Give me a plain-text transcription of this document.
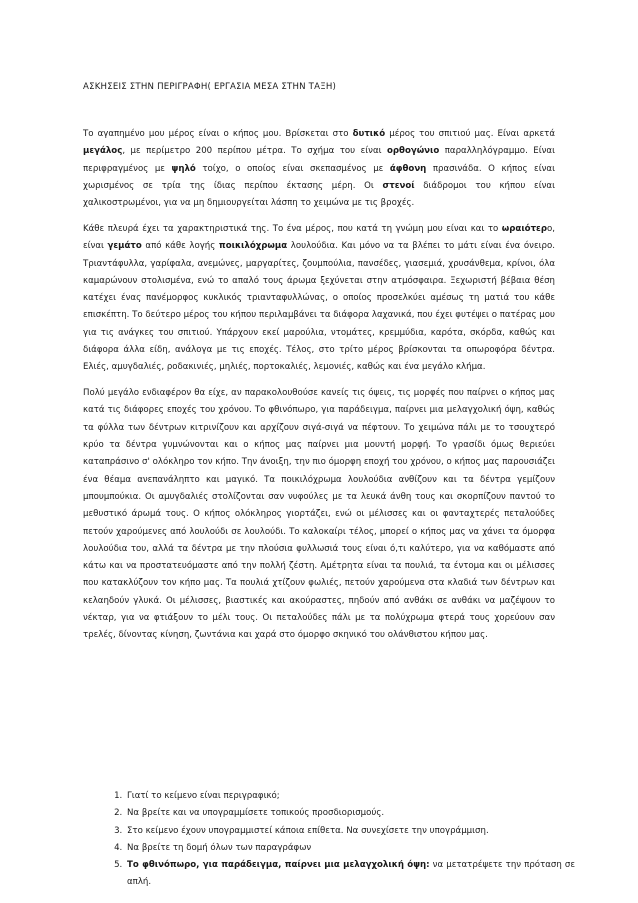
ΑΣΚΗΣΕΙΣ ΣΤΗΝ ΠΕΡΙΓΡΑΦΗ( ΕΡΓΑΣΙΑ ΜΕΣΑ ΣΤΗΝ ΤΑΞΗ)

Το αγαπημένο μου μέρος είναι ο κήπος μου. Βρίσκεται στο δυτικό μέρος του σπιτιού μας. Είναι αρκετά μεγάλος, με περίμετρο 200 περίπου μέτρα. Το σχήμα του είναι ορθογώνιο παραλληλόγραμμο. Είναι περιφραγμένος με ψηλό τοίχο, ο οποίος είναι σκεπασμένος με άφθονη πρασινάδα. Ο κήπος είναι χωρισμένος σε τρία της ίδιας περίπου έκτασης μέρη. Οι στενοί διάδρομοι του κήπου είναι χαλικοστρωμένοι, για να μη δημιουργείται λάσπη το χειμώνα με τις βροχές.

Κάθε πλευρά έχει τα χαρακτηριστικά της. Το ένα μέρος, που κατά τη γνώμη μου είναι και το ωραιότερο, είναι γεμάτο από κάθε λογής ποικιλόχρωμα λουλούδια. Και μόνο να τα βλέπει το μάτι είναι ένα όνειρο. Τριαντάφυλλα, γαρίφαλα, ανεμώνες, μαργαρίτες, ζουμπούλια, πανσέδες, γιασεμιά, χρυσάνθεμα, κρίνοι, όλα καμαρώνουν στολισμένα, ενώ το απαλό τους άρωμα ξεχύνεται στην ατμόσφαιρα. Ξεχωριστή βέβαια θέση κατέχει ένας πανέμορφος κυκλικός τριανταφυλλώνας, ο οποίος προσελκύει αμέσως τη ματιά του κάθε επισκέπτη. Το δεύτερο μέρος του κήπου περιλαμβάνει τα διάφορα λαχανικά, που έχει φυτέψει ο πατέρας μου για τις ανάγκες του σπιτιού. Υπάρχουν εκεί μαρούλια, ντομάτες, κρεμμύδια, καρότα, σκόρδα, καθώς και διάφορα άλλα είδη, ανάλογα με τις εποχές. Τέλος, στο τρίτο μέρος βρίσκονται τα οπωροφόρα δέντρα. Ελιές, αμυγδαλιές, ροδακινιές, μηλιές, πορτοκαλιές, λεμονιές, καθώς και ένα μεγάλο κλήμα.

Πολύ μεγάλο ενδιαφέρον θα είχε, αν παρακολουθούσε κανείς τις όψεις, τις μορφές που παίρνει ο κήπος μας κατά τις διάφορες εποχές του χρόνου. Το φθινόπωρο, για παράδειγμα, παίρνει μια μελαγχολική όψη, καθώς τα φύλλα των δέντρων κιτρινίζουν και αρχίζουν σιγά-σιγά να πέφτουν. Το χειμώνα πάλι με το τσουχτερό κρύο τα δέντρα γυμνώνονται και ο κήπος μας παίρνει μια μουντή μορφή. Το γρασίδι όμως θεριεύει καταπράσινο σ' ολόκληρο τον κήπο. Την άνοιξη, την πιο όμορφη εποχή του χρόνου, ο κήπος μας παρουσιάζει ένα θέαμα ανεπανάληπτο και μαγικό. Τα ποικιλόχρωμα λουλούδια ανθίζουν και τα δέντρα γεμίζουν μπουμπούκια. Οι αμυγδαλιές στολίζονται σαν νυφούλες με τα λευκά άνθη τους και σκορπίζουν παντού το μεθυστικό άρωμά τους. Ο κήπος ολόκληρος γιορτάζει, ενώ οι μέλισσες και οι φανταχτερές πεταλούδες πετούν χαρούμενες από λουλούδι σε λουλούδι. Το καλοκαίρι τέλος, μπορεί ο κήπος μας να χάνει τα όμορφα λουλούδια του, αλλά τα δέντρα με την πλούσια φυλλωσιά τους είναι ό,τι καλύτερο, για να καθόμαστε από κάτω και να προστατευόμαστε από την πολλή ζέστη. Αμέτρητα είναι τα πουλιά, τα έντομα και οι μέλισσες που κατακλύζουν τον κήπο μας. Τα πουλιά χτίζουν φωλιές, πετούν χαρούμενα στα κλαδιά των δέντρων και κελαηδούν γλυκά. Οι μέλισσες, βιαστικές και ακούραστες, πηδούν από ανθάκι σε ανθάκι να μαζέψουν το νέκταρ, για να φτιάξουν το μέλι τους. Οι πεταλούδες πάλι με τα πολύχρωμα φτερά τους χορεύουν σαν τρελές, δίνοντας κίνηση, ζωντάνια και χαρά στο όμορφο σκηνικό του ολάνθιστου κήπου μας.

1. Γιατί το κείμενο είναι περιγραφικό;
2. Να βρείτε και να υπογραμμίσετε τοπικούς προσδιορισμούς.
3. Στο κείμενο έχουν υπογραμμιστεί κάποια επίθετα. Να συνεχίσετε την υπογράμμιση.
4. Να βρείτε τη δομή όλων των παραγράφων
5. Το φθινόπωρο, για παράδειγμα, παίρνει μια μελαγχολική όψη: να μετατρέψετε την πρόταση σε απλή.
